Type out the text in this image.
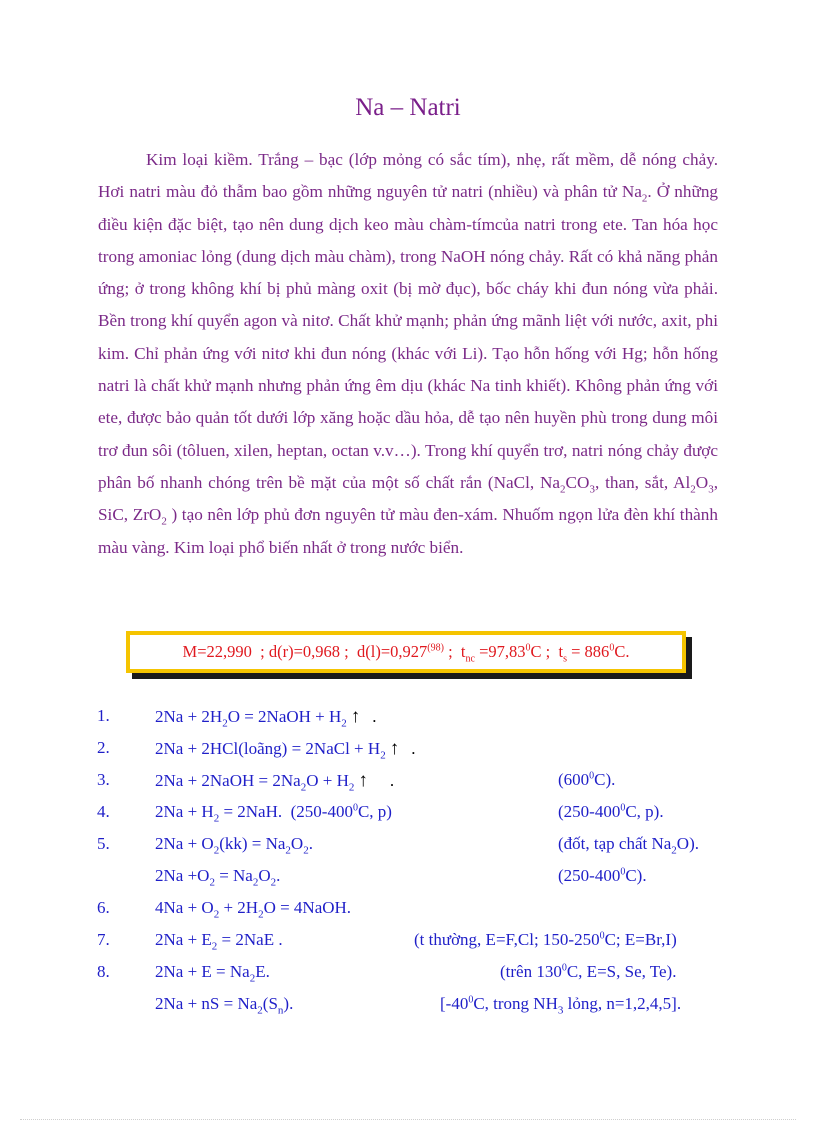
Na – Natri
Kim loại kiềm. Trắng – bạc (lớp mỏng có sắc tím), nhẹ, rất mềm, dễ nóng chảy. Hơi natri màu đỏ thẫm bao gồm những nguyên tử natri (nhiều) và phân tử $Na_2$. Ở những điều kiện đặc biệt, tạo nên dung dịch keo màu chàm-tímcủa natri trong ete. Tan hóa học trong amoniac lỏng (dung dịch màu chàm), trong NaOH nóng chảy. Rất có khả năng phản ứng; ở trong không khí bị phủ màng oxit (bị mờ đục), bốc cháy khi đun nóng vừa phải. Bền trong khí quyển agon và nitơ. Chất khử mạnh; phản ứng mãnh liệt với nước, axit, phi kim. Chỉ phản ứng với nitơ khi đun nóng (khác với Li). Tạo hỗn hống với Hg; hỗn hống natri là chất khử mạnh nhưng phản ứng êm dịu (khác Na tinh khiết). Không phản ứng với ete, được bảo quản tốt dưới lớp xăng hoặc dầu hỏa, dễ tạo nên huyền phù trong dung môi trơ đun sôi (tôluen, xilen, heptan, octan v.v…). Trong khí quyển trơ, natri nóng chảy được phân bố nhanh chóng trên bề mặt của một số chất rắn (NaCl, $Na_2CO_3$, than, sắt, $Al_2O_3$, SiC, ZrO$_2$ ) tạo nên lớp phủ đơn nguyên tử màu đen-xám. Nhuốm ngọn lửa đèn khí thành màu vàng. Kim loại phổ biến nhất ở trong nước biển.
M=22,990 ; d(r)=0,968 ; $d(l)=0,927^{(98)}$ ; $t_{nc} =97,83^0C$ ; $t_s = 886^0C$.
1.	$2Na + 2H_2O$ = 2NaOH + $H_2$ ↑ .
2.	2Na + 2HCl(loãng) = 2NaCl + $H_2$ ↑ .
3.	2Na + 2NaOH = $2Na_2O + H_2$ ↑ .	$(600^0C)$.
4.	$2Na + H_2 = 2NaH$. ($250-400^0C$, p)	($250-400^0C$, p).
5.	$2Na + O_2(kk) = Na_2O_2$.	(đốt, tạp chất $Na_2O$).
$2Na +O_2 = Na_2O_2$.	$(250-400^0C)$.
6.	$4Na + O_2 + 2H_2O$ = 4NaOH.
7.	$2Na + E_2 = 2NaE$ .	(t thường, E=F,Cl; $150-250^0C$; E=Br,I)
8.	$2Na + E = Na_2E$.	(trên $130^0C$, E=S, Se, Te).
2Na + nS = $Na_2(S_n)$.	[$-40^0C$, trong $NH_3$ lỏng, n=1,2,4,5].
